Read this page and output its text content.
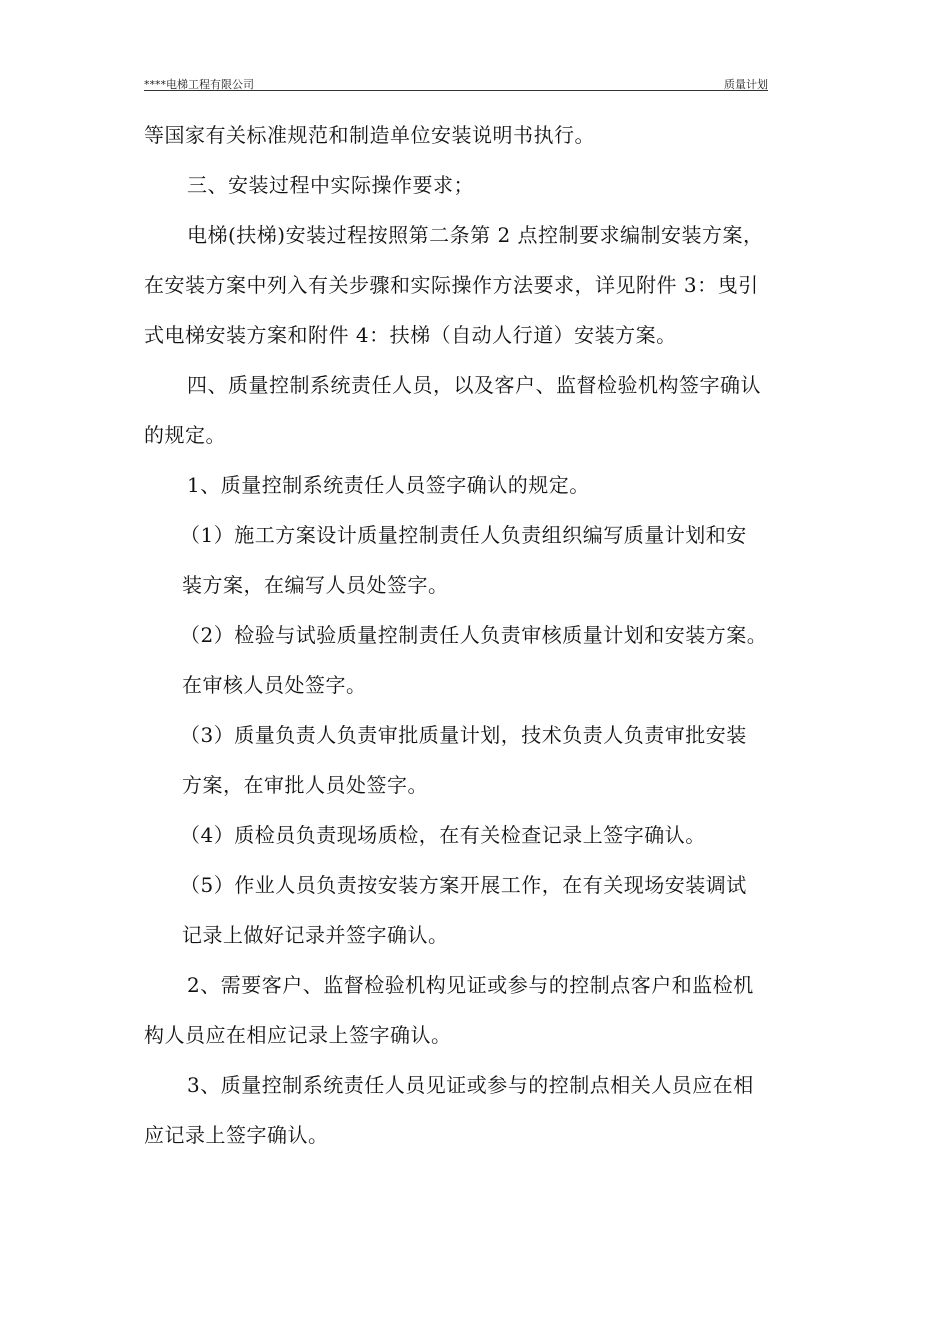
****电梯工程有限公司	质量计划
等国家有关标准规范和制造单位安装说明书执行。
三、安装过程中实际操作要求；
电梯(扶梯)安装过程按照第二条第 2 点控制要求编制安装方案，
在安装方案中列入有关步骤和实际操作方法要求，详见附件 3：曳引
式电梯安装方案和附件 4：扶梯（自动人行道）安装方案。
四、质量控制系统责任人员，以及客户、监督检验机构签字确认
的规定。
1、质量控制系统责任人员签字确认的规定。
（1）施工方案设计质量控制责任人负责组织编写质量计划和安
装方案，在编写人员处签字。
（2）检验与试验质量控制责任人负责审核质量计划和安装方案。
在审核人员处签字。
（3）质量负责人负责审批质量计划，技术负责人负责审批安装
方案，在审批人员处签字。
（4）质检员负责现场质检，在有关检查记录上签字确认。
（5）作业人员负责按安装方案开展工作，在有关现场安装调试
记录上做好记录并签字确认。
2、需要客户、监督检验机构见证或参与的控制点客户和监检机
构人员应在相应记录上签字确认。
3、质量控制系统责任人员见证或参与的控制点相关人员应在相
应记录上签字确认。
